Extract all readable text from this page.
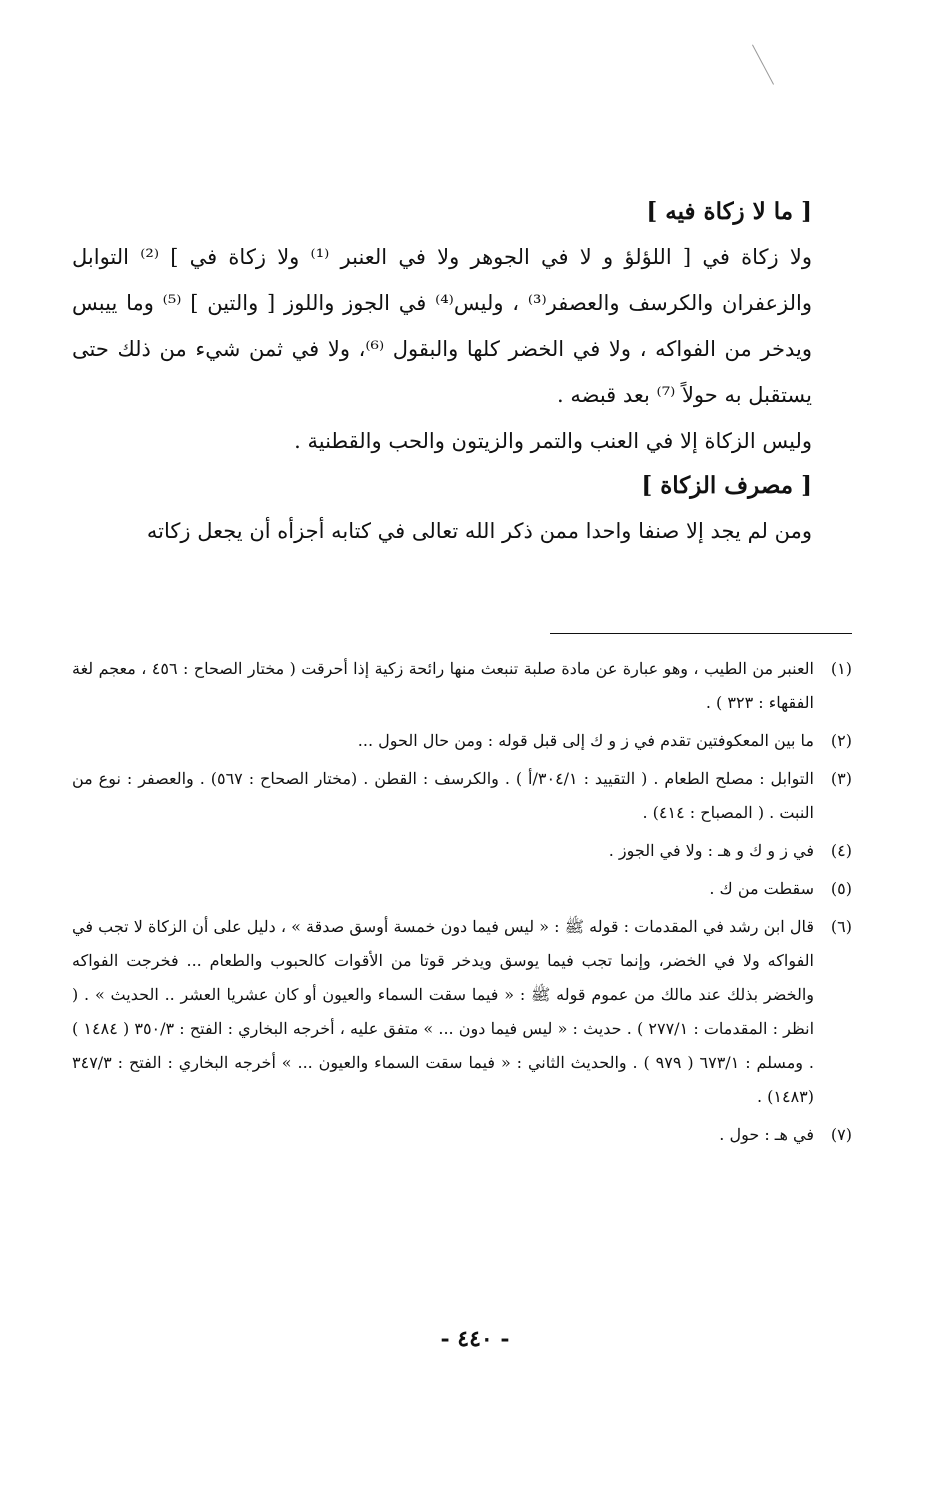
[ ما لا زكاة فيه ]

ولا زكاة في [ اللؤلؤ و لا في الجوهر ولا في العنبر ⁽¹⁾ ولا زكاة في ] ⁽²⁾ التوابل والزعفران والكرسف والعصفر⁽³⁾ ، وليس⁽⁴⁾ في الجوز واللوز [ والتين ] ⁽⁵⁾ وما ييبس ويدخر من الفواكه ، ولا في الخضر كلها والبقول ⁽⁶⁾، ولا في ثمن شيء من ذلك حتى يستقبل به حولاً ⁽⁷⁾ بعد قبضه .

وليس الزكاة إلا في العنب والتمر والزيتون والحب والقطنية .

[ مصرف الزكاة ]

ومن لم يجد إلا صنفا واحدا ممن ذكر الله تعالى في كتابه أجزأه أن يجعل زكاته

(١)
العنبر من الطيب ، وهو عبارة عن مادة صلبة تنبعث منها رائحة زكية إذا أحرقت ( مختار الصحاح : ٤٥٦ ، معجم لغة الفقهاء : ٣٢٣ ) .
(٢)
ما بين المعكوفتين تقدم في ز و ك إلى قبل قوله : ومن حال الحول ...
(٣)
التوابل : مصلح الطعام . ( التقييد : ٣٠٤/١/أ ) . والكرسف : القطن . (مختار الصحاح : ٥٦٧) . والعصفر : نوع من النبت . ( المصباح : ٤١٤) .
(٤)
في ز و ك و هـ : ولا في الجوز .
(٥)
سقطت من ك .
(٦)
قال ابن رشد في المقدمات : قوله ﷺ : « ليس فيما دون خمسة أوسق صدقة » ، دليل على أن الزكاة لا تجب في الفواكه ولا في الخضر، وإنما تجب فيما يوسق ويدخر قوتا من الأقوات كالحبوب والطعام ... فخرجت الفواكه والخضر بذلك عند مالك من عموم قوله ﷺ : « فيما سقت السماء والعيون أو كان عشريا العشر .. الحديث » . ( انظر : المقدمات : ٢٧٧/١ ) . حديث : « ليس فيما دون ... » متفق عليه ، أخرجه البخاري : الفتح : ٣٥٠/٣ ( ١٤٨٤ ) . ومسلم : ٦٧٣/١ ( ٩٧٩ ) . والحديث الثاني : « فيما سقت السماء والعيون ... » أخرجه البخاري : الفتح : ٣٤٧/٣ (١٤٨٣) .
(٧)
في هـ : حول .
- ٤٤٠ -
